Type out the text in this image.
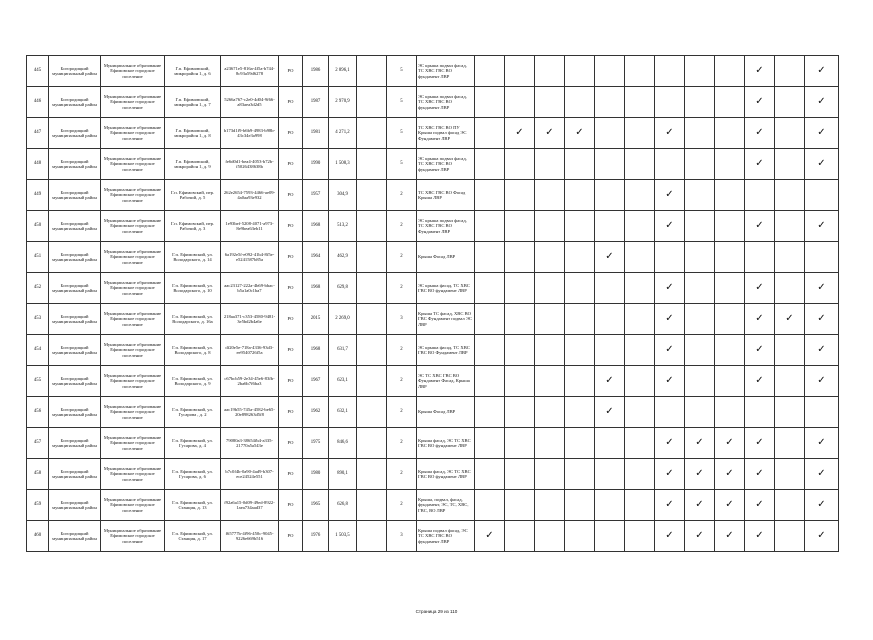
445	Богородицкий муниципальный район	Муниципальное образование Ефимовское городское поселение	Г.п. Ефимовский, микрорайон 1, д. 6	a23671e5-816a-4f5a-b744-8c93a59d6278	РО	1986	2 896,1		5	ЭС крыша подвал фасад, ТС ХВС ГВС ВО фундамент ЛВР										✓		✓
446	Богородицкий муниципальный район	Муниципальное образование Ефимовское городское поселение	Г.п. Ефимовский, микрорайон 1, д. 7	5266a767-c2e0-4d04-9f66-a83aea3d2d5	РО	1987	2 970,9		5	ЭС крыша подвал фасад, ТС ХВС ГВС ВО фундамент ЛВР										✓		✓
447	Богородицкий муниципальный район	Муниципальное образование Ефимовское городское поселение	Г.п. Ефимовский, микрорайон 1, д. 8	b173d1f9-b6b9-4983-b98b-43c34e3a998	РО	1981	4 271,2		5	ТС ХВС ГВС ВО ПУ Крыша подвал фасад ЭС Фундамент ЛВР		✓	✓	✓			✓			✓		✓
448	Богородицкий муниципальный район	Муниципальное образование Ефимовское городское поселение	Г.п. Ефимовский, микрорайон 1, д. 9	fe6d0d1-bea4-4053-b72b-f5026438638b	РО	1990	1 508,3		5	ЭС крыша подвал фасад, ТС ХВС ГВС ВО фундамент ЛВР										✓		✓
449	Богородицкий муниципальный район	Муниципальное образование Ефимовское городское поселение	Г.п. Ефимовский, пер. Рабочий, д. 5	262e2654-7593-4466-ae09-4a0aa93e932	РО	1957	304,9		2	ТС ХВС ГВС ВО Фасад Крыша ЛВР							✓					
450	Богородицкий муниципальный район	Муниципальное образование Ефимовское городское поселение	Г.п. Ефимовский, пер. Рабочий, д. 3	1e93bef-5208-4071-a973-8e9bea63eb11	РО	1968	513,2		2	ЭС крыша подвал фасад, ТС ХВС ГВС ВО Фундамент ЛВР							✓			✓		✓
451	Богородицкий муниципальный район	Муниципальное образование Ефимовское городское поселение	Г.п. Ефимовский, ул. Володарского, д. 14	6a192e5f-e092-41b4-8f5e-e5241587b85a	РО	1964	462,9		2	Крыша Фасад ЛВР					✓							
452	Богородицкий муниципальный район	Муниципальное образование Ефимовское городское поселение	Г.п. Ефимовский, ул. Володарского, д. 10	aac23127-222a-4b69-bbac-b5a1a0c1ba7	РО	1968	629,8		2	ЭС крыша фасад, ТС ХВС ГВС ВО фундамент ЛВР							✓			✓		✓
453	Богородицкий муниципальный район	Муниципальное образование Ефимовское городское поселение	Г.п. Ефимовский, ул. Володарского, д. 16а	218aa371-c353-4580-9481-3e5bd2b4a6e	РО	2015	2 269,0		3	Крыша ТС фасад, ХВС ВО ГВС Фундамент подвал ЭС ЛВР							✓			✓	✓	✓
454	Богородицкий муниципальный район	Муниципальное образование Ефимовское городское поселение	Г.п. Ефимовский, ул. Володарского, д. 8	df20e5e-718a-4336-93d3-ee9540726f5a	РО	1968	631,7		2	ЭС крыша фасад, ТС ХВС ГВС ВО Фундамент ЛВР							✓			✓		✓
455	Богородицкий муниципальный район	Муниципальное образование Ефимовское городское поселение	Г.п. Ефимовский, ул. Володарского, д. 9	c67bcb59-2e34-45e6-83fb-2ba6b7f6ba3	РО	1967	623,1		2	ЭС ТС ХВС ГВС ВО Фундамент Фасад, Крыша ЛВР					✓		✓			✓		✓
456	Богородицкий муниципальный район	Муниципальное образование Ефимовское городское поселение	Г.п. Ефимовский, ул. Гусарова , д. 2	aac19b55-745a-4582-be65-20e898263d5f8	РО	1962	632,1		2	Крыша Фасад ЛВР					✓							
457	Богородицкий муниципальный район	Муниципальное образование Ефимовское городское поселение	Г.п. Ефимовский, ул. Гусарова, д. 4	79080a3-38654fb4-a335-21770a5a543e	РО	1975	846,6		2	Крыша фасад, ЭС ТС ХВС ГВС ВО фундамент ЛВР							✓	✓	✓	✓		✓
458	Богородицкий муниципальный район	Муниципальное образование Ефимовское городское поселение	Г.п. Ефимовский, ул. Гусарова, д. 6	b7c0f4b-0a90-4ad9-b307-ece24524e551	РО	1980	890,1		2	Крыша фасад, ЭС ТС ХВС ГВС ВО фундамент ЛВР							✓	✓	✓	✓		✓
459	Богородицкий муниципальный район	Муниципальное образование Ефимовское городское поселение	Г.п. Ефимовский, ул. Станция, д. 13	f92a6a15-0d09-49ed-8922-1aea734aad37	РО	1965	626,8		2	Крыша, подвал, фасад, фундамент, ЭС, ТС, ХВС, ГВС, ВО ЛВР							✓	✓	✓	✓		✓
460	Богородицкий муниципальный район	Муниципальное образование Ефимовское городское поселение	Г.п. Ефимовский, ул. Станция, д. 17	f65777b-4f96-450c-9045-9226e669b516	РО	1976	1 503,5		3	Крыша подвал фасад, ЭС ТС ХВС ГВС ВО фундамент ЛВР	✓						✓	✓	✓	✓		✓
Страница 29 из 110
